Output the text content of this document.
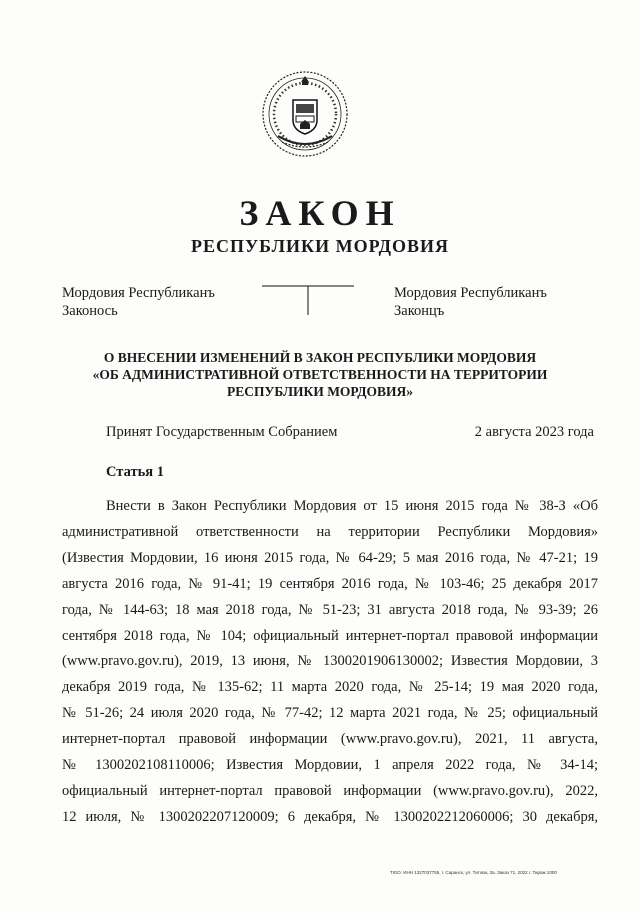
ЗАКОН
РЕСПУБЛИКИ МОРДОВИЯ
Мордовия Республиканъ
Законось
Мордовия Республиканъ
Законцъ
О ВНЕСЕНИИ ИЗМЕНЕНИЙ В ЗАКОН РЕСПУБЛИКИ МОРДОВИЯ
«ОБ АДМИНИСТРАТИВНОЙ ОТВЕТСТВЕННОСТИ НА ТЕРРИТОРИИ
РЕСПУБЛИКИ МОРДОВИЯ»
Принят Государственным Собранием	2 августа 2023 года
Статья 1
Внести в Закон Республики Мордовия от 15 июня 2015 года № 38-З «Об
административной ответственности на территории Республики Мордовия»
(Известия Мордовии, 16 июня 2015 года, № 64-29; 5 мая 2016 года, № 47-21; 19
августа 2016 года, № 91-41; 19 сентября 2016 года, № 103-46; 25 декабря 2017
года, № 144-63; 18 мая 2018 года, № 51-23; 31 августа 2018 года, № 93-39; 26
сентября 2018 года, № 104; официальный интернет-портал правовой информации
(www.pravo.gov.ru), 2019, 13 июня, № 1300201906130002; Известия Мордовии, 3
декабря 2019 года, № 135-62; 11 марта 2020 года, № 25-14; 19 мая 2020 года,
№ 51-26; 24 июля 2020 года, № 77-42; 12 марта 2021 года, № 25; официальный
интернет-портал правовой информации (www.pravo.gov.ru), 2021, 11 августа,
№ 1300202108110006; Известия Мордовии, 1 апреля 2022 года, № 34-14;
официальный интернет-портал правовой информации (www.pravo.gov.ru), 2022,
12 июля, № 1300202207120009; 6 декабря, № 1300202212060006; 30 декабря,
ТЮО. ИНН 1327037755, г. Саранск, ул. Титова, 3а. Заказ 71, 2022 г. Тираж 1000
